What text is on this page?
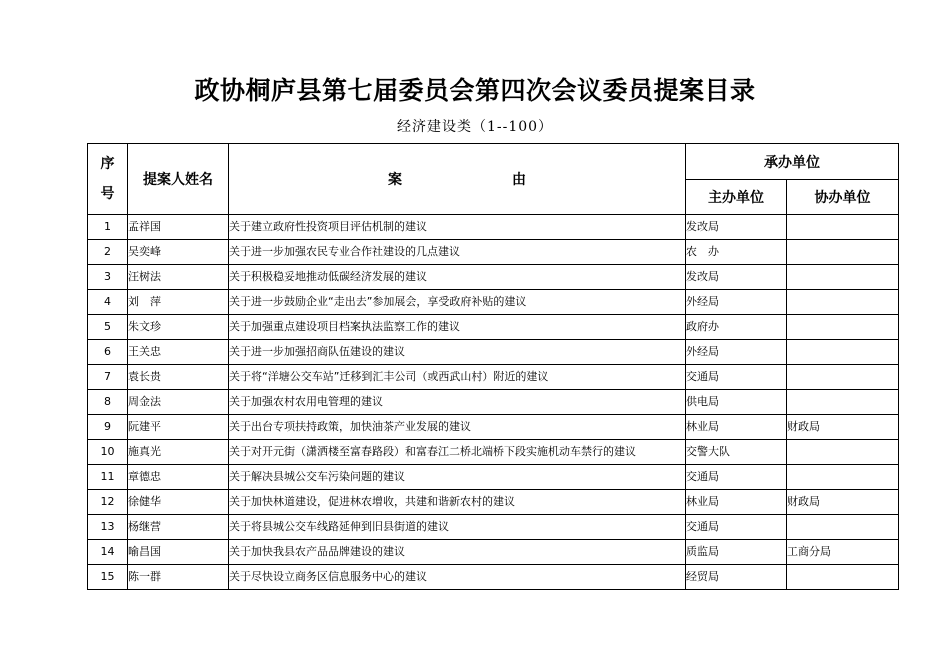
政协桐庐县第七届委员会第四次会议委员提案目录
经济建设类（1--100）
序
号	提案人姓名	案 由	承办单位	
			主办单位	协办单位
1	孟祥国	关于建立政府性投资项目评估机制的建议	发改局	
2	吴奕峰	关于进一步加强农民专业合作社建设的几点建议	农　办	
3	汪树法	关于积极稳妥地推动低碳经济发展的建议	发改局	
4	刘　萍	关于进一步鼓励企业“走出去”参加展会，享受政府补贴的建议	外经局	
5	朱文珍	关于加强重点建设项目档案执法监察工作的建议	政府办	
6	王关忠	关于进一步加强招商队伍建设的建议	外经局	
7	袁长贵	关于将“洋塘公交车站”迁移到汇丰公司（或西武山村）附近的建议	交通局	
8	周金法	关于加强农村农用电管理的建议	供电局	
9	阮建平	关于出台专项扶持政策，加快油茶产业发展的建议	林业局	财政局
10	施真光	关于对开元街（潇洒楼至富春路段）和富春江二桥北端桥下段实施机动车禁行的建议	交警大队	
11	章德忠	关于解决县城公交车污染问题的建议	交通局	
12	徐健华	关于加快林道建设，促进林农增收，共建和谐新农村的建议	林业局	财政局
13	杨继营	关于将县城公交车线路延伸到旧县街道的建议	交通局	
14	喻昌国	关于加快我县农产品品牌建设的建议	质监局	工商分局
15	陈一群	关于尽快设立商务区信息服务中心的建议	经贸局	
